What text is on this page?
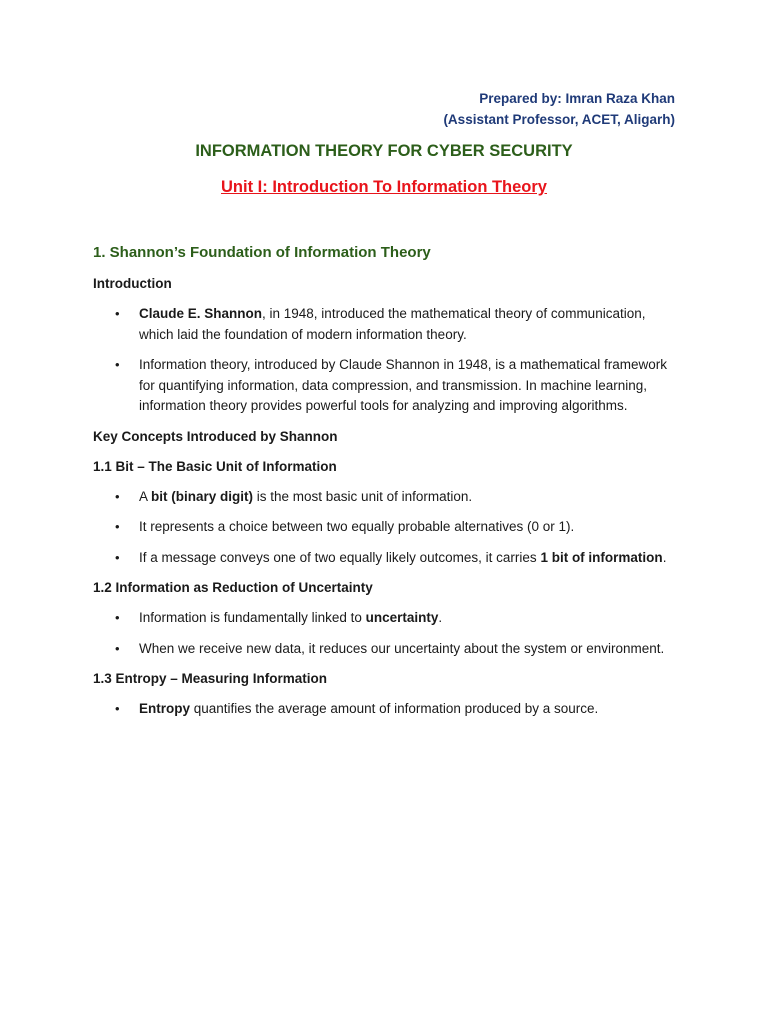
Prepared by: Imran Raza Khan
(Assistant Professor, ACET, Aligarh)
INFORMATION THEORY FOR CYBER SECURITY
Unit I: Introduction To Information Theory
1. Shannon’s Foundation of Information Theory
Introduction
• Claude E. Shannon, in 1948, introduced the mathematical theory of communication, which laid the foundation of modern information theory.
• Information theory, introduced by Claude Shannon in 1948, is a mathematical framework for quantifying information, data compression, and transmission. In machine learning, information theory provides powerful tools for analyzing and improving algorithms.
Key Concepts Introduced by Shannon
1.1 Bit – The Basic Unit of Information
• A bit (binary digit) is the most basic unit of information.
• It represents a choice between two equally probable alternatives (0 or 1).
• If a message conveys one of two equally likely outcomes, it carries 1 bit of information.
1.2 Information as Reduction of Uncertainty
• Information is fundamentally linked to uncertainty.
• When we receive new data, it reduces our uncertainty about the system or environment.
1.3 Entropy – Measuring Information
• Entropy quantifies the average amount of information produced by a source.
